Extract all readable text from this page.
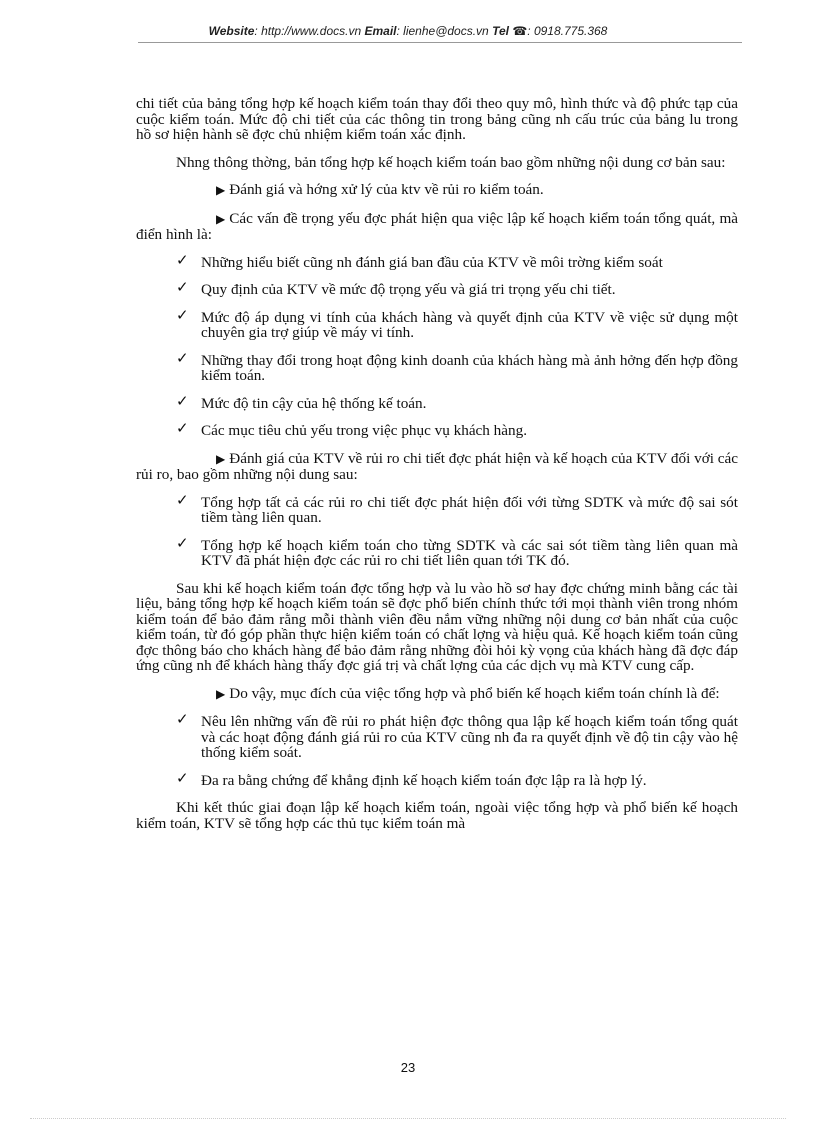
Website: http://www.docs.vn Email: lienhe@docs.vn Tel ☎: 0918.775.368

chi tiết của bảng tổng hợp kế hoạch kiểm toán thay đổi theo quy mô, hình thức và độ phức tạp của cuộc kiểm toán. Mức độ chi tiết của các thông tin trong bảng cũng nh cấu trúc của bảng lu trong hồ sơ hiện hành sẽ đợc chủ nhiệm kiểm toán xác định.

Nhng thông thờng, bản tổng hợp kế hoạch kiểm toán bao gồm những nội dung cơ bản sau:

▶ Đánh giá và hớng xử lý của ktv về rủi ro kiểm toán.

▶ Các vấn đề trọng yếu đợc phát hiện qua việc lập kế hoạch kiểm toán tổng quát, mà điển hình là:

✓ Những hiểu biết cũng nh đánh giá ban đầu của KTV về môi trờng kiểm soát
✓ Quy định của KTV về mức độ trọng yếu và giá tri trọng yếu chi tiết.
✓ Mức độ áp dụng vi tính của khách hàng và quyết định của KTV về việc sử dụng một chuyên gia trợ giúp về máy vi tính.
✓ Những thay đổi trong hoạt động kinh doanh của khách hàng mà ảnh hởng đến hợp đồng kiểm toán.
✓ Mức độ tin cậy của hệ thống kế toán.
✓ Các mục tiêu chủ yếu trong việc phục vụ khách hàng.

▶ Đánh giá của KTV về rủi ro chi tiết đợc phát hiện và kế hoạch của KTV đối với các rủi ro, bao gồm những nội dung sau:

✓ Tổng hợp tất cả các rủi ro chi tiết đợc phát hiện đối với từng SDTK và mức độ sai sót tiềm tàng liên quan.
✓ Tổng hợp kế hoạch kiểm toán cho từng SDTK và các sai sót tiềm tàng liên quan mà KTV đã phát hiện đợc các rủi ro chi tiết liên quan tới TK đó.

Sau khi kế hoạch kiểm toán đợc tổng hợp và lu vào hồ sơ hay đợc chứng minh bằng các tài liệu, bảng tổng hợp kế hoạch kiểm toán sẽ đợc phổ biến chính thức tới mọi thành viên trong nhóm kiểm toán để bảo đảm rằng mỗi thành viên đều nắm vững những nội dung cơ bản nhất của cuộc kiểm toán, từ đó góp phần thực hiện kiểm toán có chất lợng và hiệu quả. Kế hoạch kiểm toán cũng đợc thông báo cho khách hàng để bảo đảm rằng những đòi hỏi kỳ vọng của khách hàng đã đợc đáp ứng cũng nh để khách hàng thấy đợc giá trị và chất lợng của các dịch vụ mà KTV cung cấp.

▶ Do vậy, mục đích của việc tổng hợp và phổ biến kế hoạch kiểm toán chính là để:

✓ Nêu lên những vấn đề rủi ro phát hiện đợc thông qua lập kế hoạch kiểm toán tổng quát và các hoạt động đánh giá rủi ro của KTV cũng nh đa ra quyết định về độ tin cậy vào hệ thống kiểm soát.
✓ Đa ra bằng chứng để khẳng định kế hoạch kiểm toán đợc lập ra là hợp lý.

Khi kết thúc giai đoạn lập kế hoạch kiểm toán, ngoài việc tổng hợp và phổ biến kế hoạch kiểm toán, KTV sẽ tổng hợp các thủ tục kiểm toán mà

23
